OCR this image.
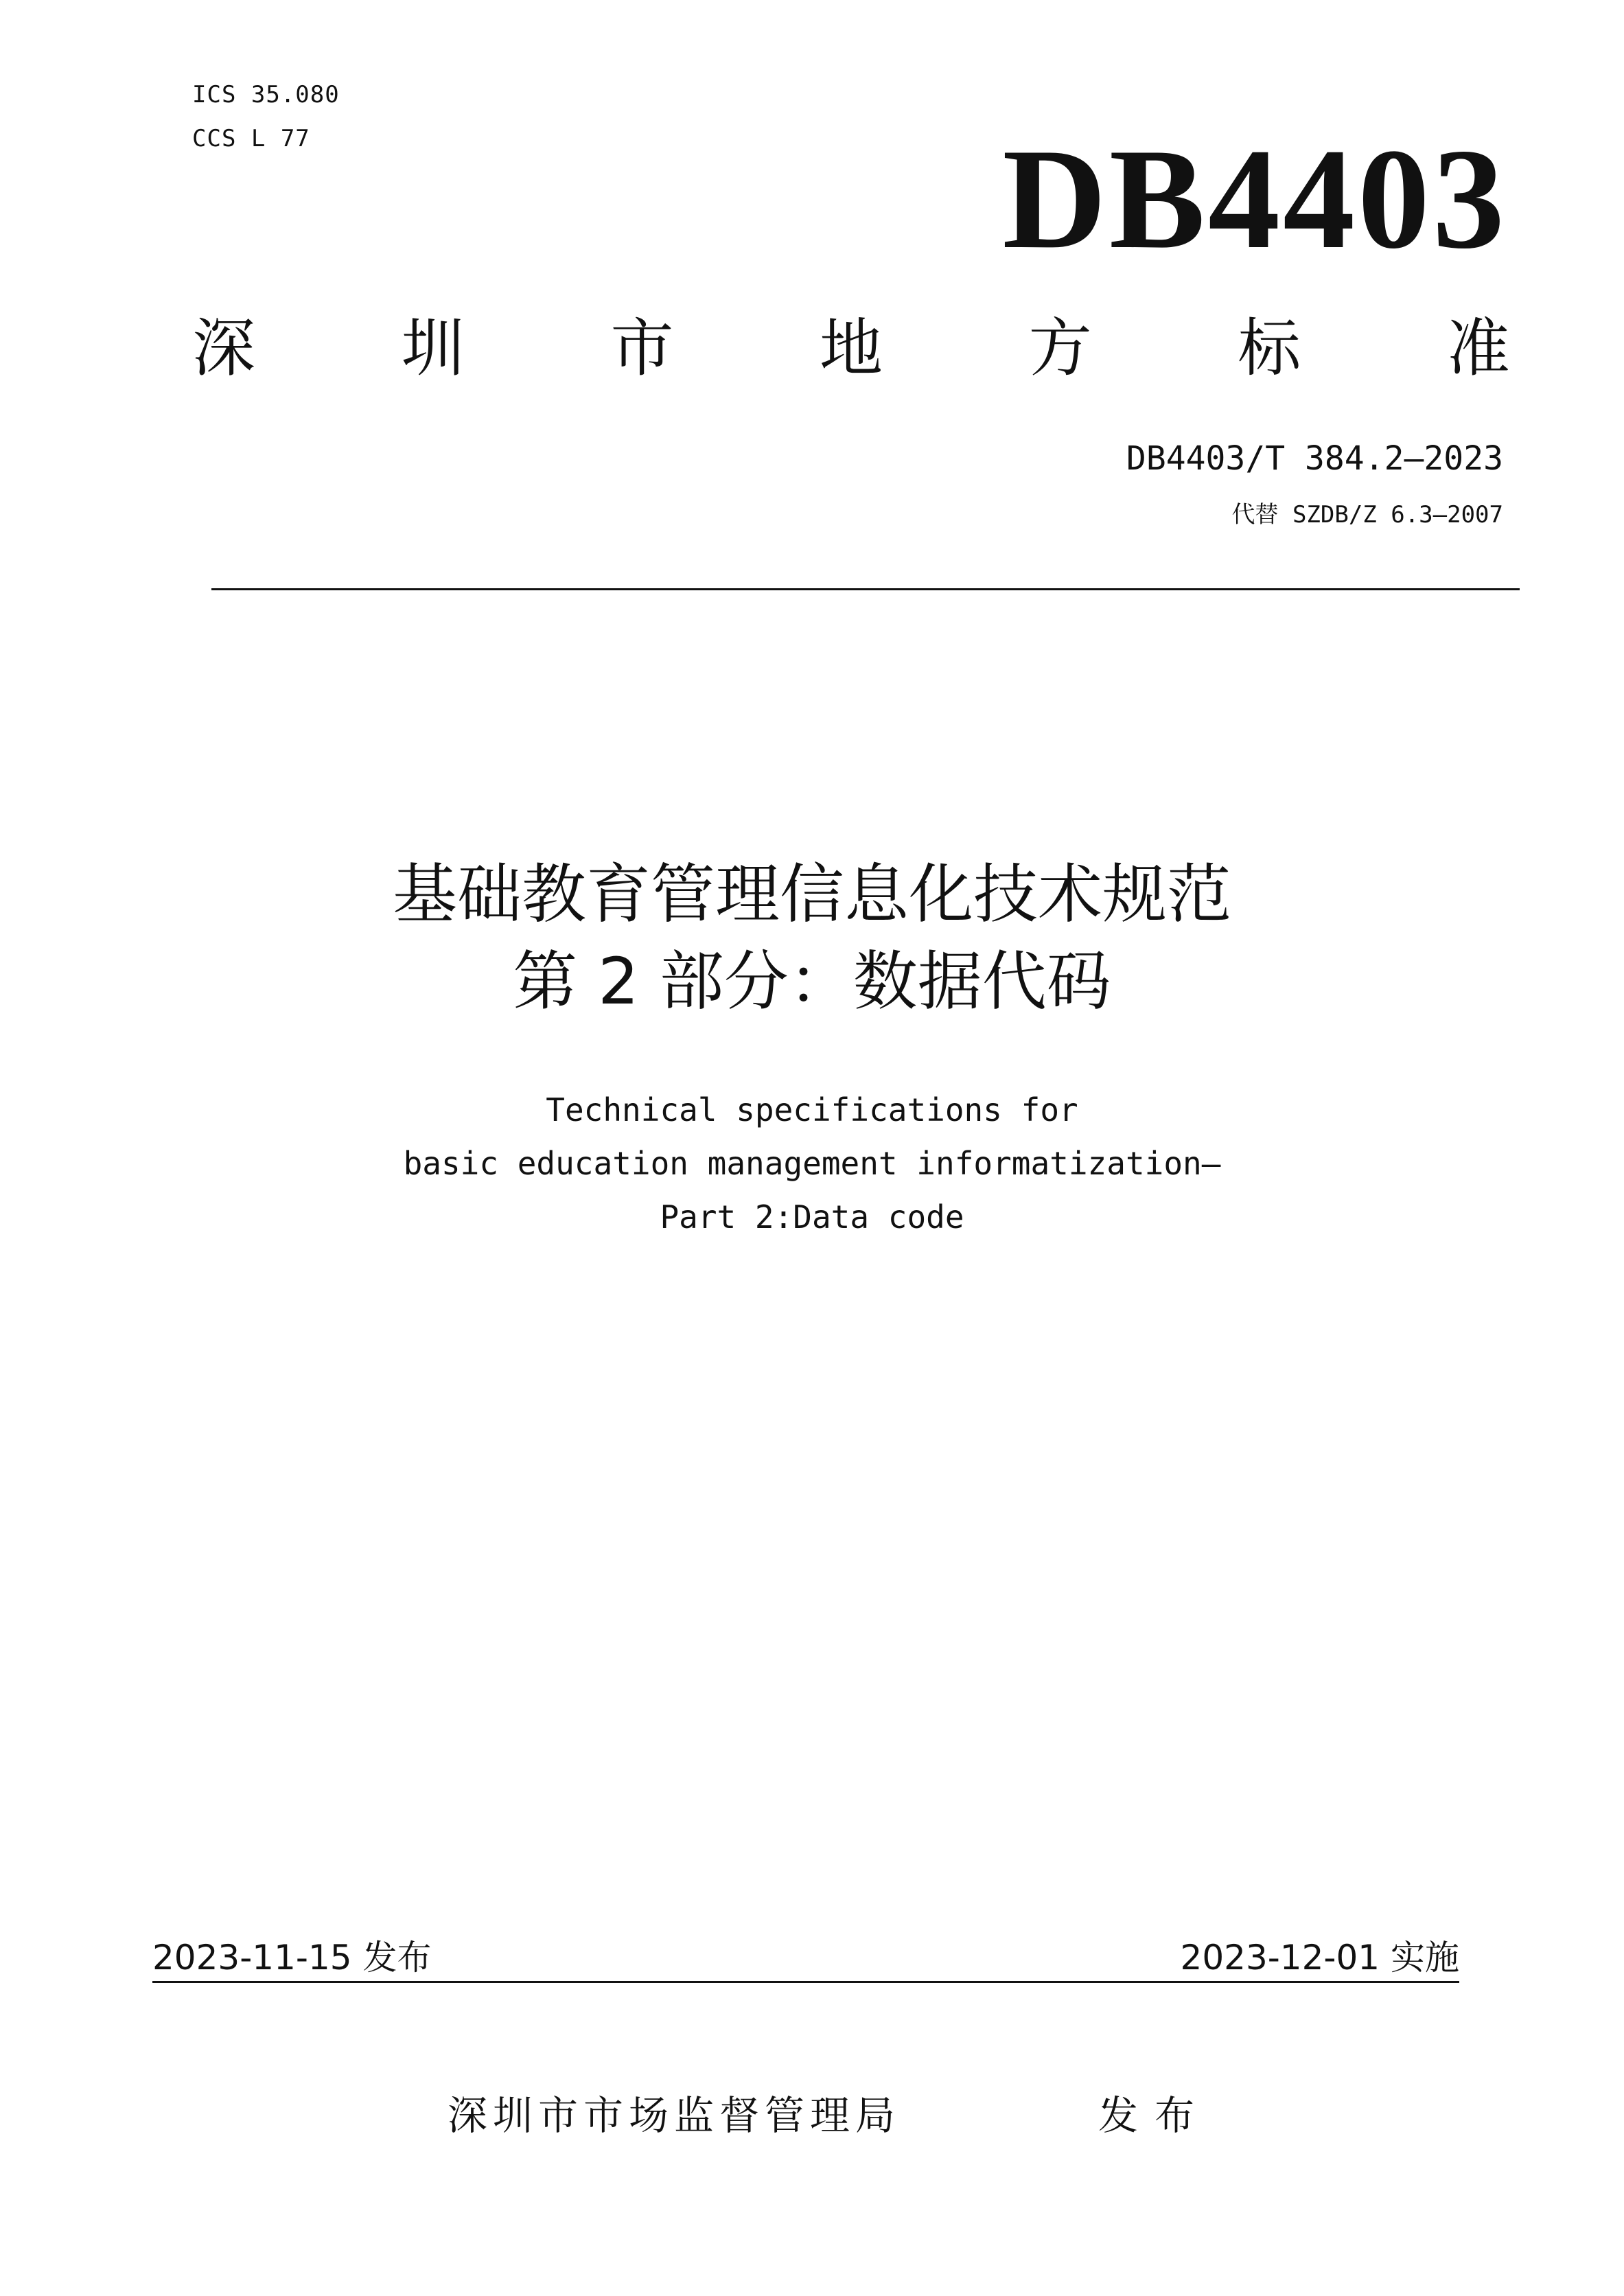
ICS 35.080
CCS L 77	DB4403
深 圳 市 地 方 标 准
DB4403/T 384.2—2023
代替 SZDB/Z 6.3—2007
基础教育管理信息化技术规范
第 2 部分：数据代码
Technical specifications for
basic education management informatization—
Part 2:Data code
2023-11-15 发布	2023-12-01 实施
深圳市市场监督管理局	发布
